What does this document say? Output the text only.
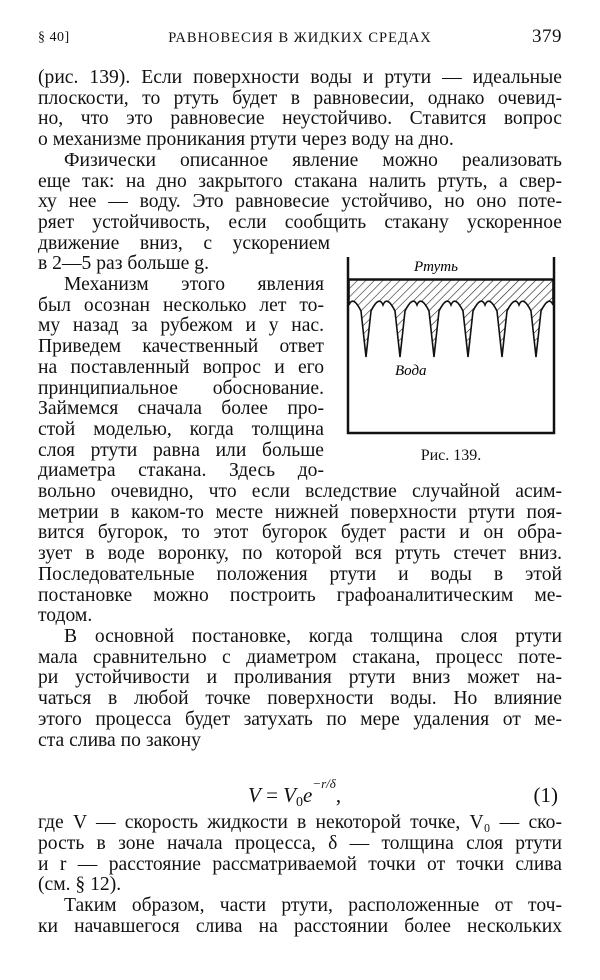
§ 40]	РАВНОВЕСИЯ В ЖИДКИХ СРЕДАХ	379

(рис. 139). Если поверхности воды и ртути — идеальные
плоскости, то ртуть будет в равновесии, однако очевид-
но, что это равновесие неустойчиво. Ставится вопрос
о механизме проникания ртути через воду на дно.

Физически описанное явление можно реализовать
еще так: на дно закрытого стакана налить ртуть, а свер-
ху нее — воду. Это равновесие устойчиво, но оно поте-
ряет устойчивость, если сообщить стакану ускоренное
движение вниз, с ускорением
в 2—5 раз больше g.

Механизм этого явления
был осознан несколько лет то-
му назад за рубежом и у нас.
Приведем качественный ответ
на поставленный вопрос и его
принципиальное обоснование.
Займемся сначала более про-
стой моделью, когда толщина
слоя ртути равна или больше
диаметра стакана. Здесь до-
вольно очевидно, что если вследствие случайной асим-
метрии в каком-то месте нижней поверхности ртути поя-
вится бугорок, то этот бугорок будет расти и он обра-
зует в воде воронку, по которой вся ртуть стечет вниз.
Последовательные положения ртути и воды в этой
постановке можно построить графоаналитическим ме-
тодом.

В основной постановке, когда толщина слоя ртути
мала сравнительно с диаметром стакана, процесс поте-
ри устойчивости и проливания ртути вниз может на-
чаться в любой точке поверхности воды. Но влияние
этого процесса будет затухать по мере удаления от ме-
ста слива по закону

где V — скорость жидкости в некоторой точке, V₀ — ско-
рость в зоне начала процесса, δ — толщина слоя ртути
и r — расстояние рассматриваемой точки от точки слива
(см. § 12).

Таким образом, части ртути, расположенные от точ-
ки начавшегося слива на расстоянии более нескольких

$V = V_0e^{-r/\delta}$,	(1)
Ртуть
Вода
Рис. 139.
